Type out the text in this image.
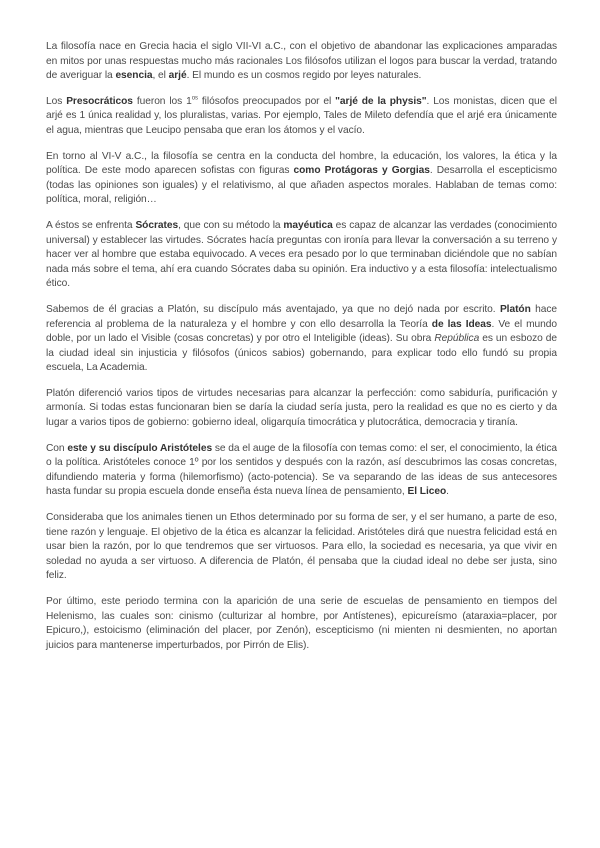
La filosofía nace en Grecia hacia el siglo VII-VI a.C., con el objetivo de abandonar las explicaciones amparadas en mitos por unas respuestas mucho más racionales Los filósofos utilizan el logos para buscar la verdad, tratando de averiguar la esencia, el arjé. El mundo es un cosmos regido por leyes naturales.

Los Presocráticos fueron los $1^{os}$ filósofos preocupados por el "arjé de la physis". Los monistas, dicen que el arjé es 1 única realidad y, los pluralistas, varias. Por ejemplo, Tales de Mileto defendía que el arjé era únicamente el agua, mientras que Leucipo pensaba que eran los átomos y el vacío.

En torno al VI-V a.C., la filosofía se centra en la conducta del hombre, la educación, los valores, la ética y la política. De este modo aparecen sofistas con figuras como Protágoras y Gorgias. Desarrolla el escepticismo (todas las opiniones son iguales) y el relativismo, al que añaden aspectos morales. Hablaban de temas como: política, moral, religión…

A éstos se enfrenta Sócrates, que con su método la mayéutica es capaz de alcanzar las verdades (conocimiento universal) y establecer las virtudes. Sócrates hacía preguntas con ironía para llevar la conversación a su terreno y hacer ver al hombre que estaba equivocado. A veces era pesado por lo que terminaban diciéndole que no sabían nada más sobre el tema, ahí era cuando Sócrates daba su opinión. Era inductivo y a esta filosofía: intelectualismo ético.

Sabemos de él gracias a Platón, su discípulo más aventajado, ya que no dejó nada por escrito. Platón hace referencia al problema de la naturaleza y el hombre y con ello desarrolla la Teoría de las Ideas. Ve el mundo doble, por un lado el Visible (cosas concretas) y por otro el Inteligible (ideas). Su obra República es un esbozo de la ciudad ideal sin injusticia y filósofos (únicos sabios) gobernando, para explicar todo ello fundó su propia escuela, La Academia.

Platón diferenció varios tipos de virtudes necesarias para alcanzar la perfección: como sabiduría, purificación y armonía. Si todas estas funcionaran bien se daría la ciudad sería justa, pero la realidad es que no es cierto y da lugar a varios tipos de gobierno: gobierno ideal, oligarquía timocrática y plutocrática, democracia y tiranía.

Con este y su discípulo Aristóteles se da el auge de la filosofía con temas como: el ser, el conocimiento, la ética o la política. Aristóteles conoce 1º por los sentidos y después con la razón, así descubrimos las cosas concretas, difundiendo materia y forma (hilemorfismo) (acto-potencia). Se va separando de las ideas de sus antecesores hasta fundar su propia escuela donde enseña ésta nueva línea de pensamiento, El Liceo.

Consideraba que los animales tienen un Ethos determinado por su forma de ser, y el ser humano, a parte de eso, tiene razón y lenguaje. El objetivo de la ética es alcanzar la felicidad. Aristóteles dirá que nuestra felicidad está en usar bien la razón, por lo que tendremos que ser virtuosos. Para ello, la sociedad es necesaria, ya que vivir en soledad no ayuda a ser virtuoso. A diferencia de Platón, él pensaba que la ciudad ideal no debe ser justa, sino feliz.

Por último, este periodo termina con la aparición de una serie de escuelas de pensamiento en tiempos del Helenismo, las cuales son: cinismo (culturizar al hombre, por Antístenes), epicureísmo (ataraxia=placer, por Epicuro,), estoicismo (eliminación del placer, por Zenón), escepticismo (ni mienten ni desmienten, no aportan juicios para mantenerse imperturbados, por Pirrón de Elis).
